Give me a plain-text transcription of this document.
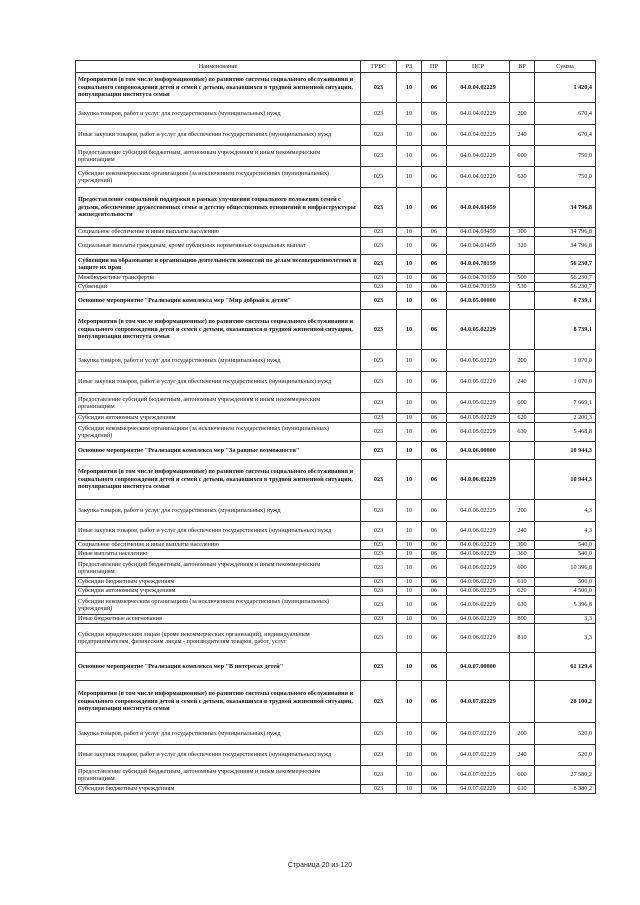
Наименование	ГРБС	РЗ	ПР	ЦСР	ВР	Сумма
Мероприятия (в том числе информационные) по развитию системы социального обслуживания и социального сопровождения детей и семей с детьми, оказавшихся в трудной жизненной ситуации, популяризации института семьи	023	10	06	04.0.04.02229		1 420,4
Закупка товаров, работ и услуг для государственных (муниципальных) нужд	023	10	06	04.0.04.02229	200	670,4
Иные закупки товаров, работ и услуг для обеспечения государственных (муниципальных) нужд	023	10	06	04.0.04.02229	240	670,4
Предоставление субсидий бюджетным, автономным учреждениям и иным некоммерческим организациям	023	10	06	04.0.04.02229	600	750,0
Субсидии некоммерческим организациям (за исключением государственных (муниципальных) учреждений)	023	10	06	04.0.04.02229	630	750,0
Предоставление социальной поддержки в рамках улучшения социального положения семей с детьми, обеспечение дружественных семье и детству общественных отношений и инфраструктуры жизнедеятельности	023	10	06	04.0.04.03459		34 796,8
Социальное обеспечение и иные выплаты населению	023	10	06	04.0.04.03459	300	34 796,8
Социальные выплаты гражданам, кроме публичных нормативных социальных выплат	023	10	06	04.0.04.03459	320	34 796,8
Субвенции на образование и организацию деятельности комиссий по делам несовершеннолетних и защите их прав	023	10	06	04.0.04.70159		56 230,7
Межбюджетные трансферты	023	10	06	04.0.04.70159	500	56 230,7
Субвенции	023	10	06	04.0.04.70159	530	56 230,7
Основное мероприятие "Реализация комплекса мер "Мир добрый к детям"	023	10	06	04.0.05.00000		8 739,1
Мероприятия (в том числе информационные) по развитию системы социального обслуживания и социального сопровождения детей и семей с детьми, оказавшихся в трудной жизненной ситуации, популяризации института семьи	023	10	06	04.0.05.02229		8 739,1
Закупка товаров, работ и услуг для государственных (муниципальных) нужд	023	10	06	04.0.05.02229	200	1 070,0
Иные закупки товаров, работ и услуг для обеспечения государственных (муниципальных) нужд	023	10	06	04.0.05.02229	240	1 070,0
Предоставление субсидий бюджетным, автономным учреждениям и иным некоммерческим организациям	023	10	06	04.0.05.02229	600	7 669,1
Субсидии автономным учреждениям	023	10	06	04.0.05.02229	620	2 200,3
Субсидии некоммерческим организациям (за исключением государственных (муниципальных) учреждений)	023	10	06	04.0.05.02229	630	5 468,8
Основное мероприятие "Реализация комплекса мер "За равные возможности"	023	10	06	04.0.06.00000		10 944,3
Мероприятия (в том числе информационные) по развитию системы социального обслуживания и социального сопровождения детей и семей с детьми, оказавшихся в трудной жизненной ситуации, популяризации института семьи	023	10	06	04.0.06.02229		10 944,3
Закупка товаров, работ и услуг для государственных (муниципальных) нужд	023	10	06	04.0.06.02229	200	4,3
Иные закупки товаров, работ и услуг для обеспечения государственных (муниципальных) нужд	023	10	06	04.0.06.02229	240	4,3
Социальное обеспечение и иные выплаты населению	023	10	06	04.0.06.02229	300	540,0
Иные выплаты населению	023	10	06	04.0.06.02229	360	540,0
Предоставление субсидий бюджетным, автономным учреждениям и иным некоммерческим организациям	023	10	06	04.0.06.02229	600	10 396,8
Субсидии бюджетным учреждениям	023	10	06	04.0.06.02229	610	500,0
Субсидии автономным учреждениям	023	10	06	04.0.06.02229	620	4 500,0
Субсидии некоммерческим организациям (за исключением государственных (муниципальных) учреждений)	023	10	06	04.0.06.02229	630	5 396,8
Иные бюджетные ассигнования	023	10	06	04.0.06.02229	800	3,3
Субсидии юридическим лицам (кроме некоммерческих организаций), индивидуальным предпринимателям, физическим лицам - производителям товаров, работ, услуг	023	10	06	04.0.06.02229	810	3,3
Основное мероприятие "Реализация комплекса мер "В интересах детей"	023	10	06	04.0.07.00000		61 129,4
Мероприятия (в том числе информационные) по развитию системы социального обслуживания и социального сопровождения детей и семей с детьми, оказавшихся в трудной жизненной ситуации, популяризации института семьи	023	10	06	04.0.07.02229		28 100,2
Закупка товаров, работ и услуг для государственных (муниципальных) нужд	023	10	06	04.0.07.02229	200	520,0
Иные закупки товаров, работ и услуг для обеспечения государственных (муниципальных) нужд	023	10	06	04.0.07.02229	240	520,0
Предоставление субсидий бюджетным, автономным учреждениям и иным некоммерческим организациям	023	10	06	04.0.07.02229	600	27 580,2
Субсидии бюджетным учреждениям	023	10	06	04.0.07.02229	610	8 380,2
Страница 20 из 120
